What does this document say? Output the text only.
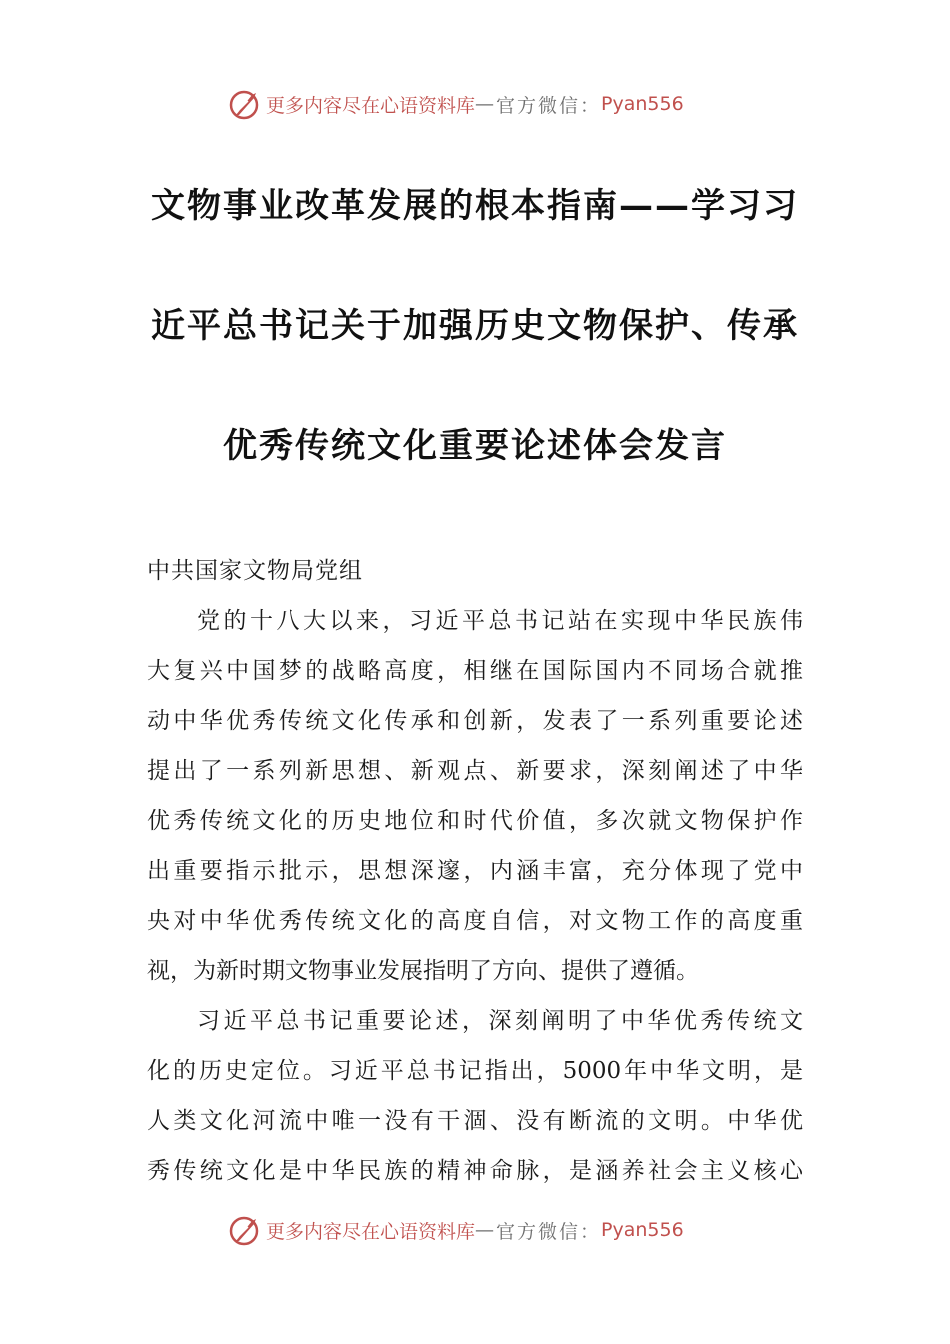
更多内容尽在心语资料库 — 官方微信： Pyan556
文物事业改革发展的根本指南——学习习
近平总书记关于加强历史文物保护、传承
优秀传统文化重要论述体会发言
中共国家文物局党组
党的十八大以来，习近平总书记站在实现中华民族伟
大复兴中国梦的战略高度，相继在国际国内不同场合就推
动中华优秀传统文化传承和创新，发表了一系列重要论述
提出了一系列新思想、新观点、新要求，深刻阐述了中华
优秀传统文化的历史地位和时代价值，多次就文物保护作
出重要指示批示，思想深邃，内涵丰富，充分体现了党中
央对中华优秀传统文化的高度自信，对文物工作的高度重
视，为新时期文物事业发展指明了方向、提供了遵循。
习近平总书记重要论述，深刻阐明了中华优秀传统文
化的历史定位。习近平总书记指出，5000年中华文明，是
人类文化河流中唯一没有干涸、没有断流的文明。中华优
秀传统文化是中华民族的精神命脉，是涵养社会主义核心
更多内容尽在心语资料库 — 官方微信： Pyan556
